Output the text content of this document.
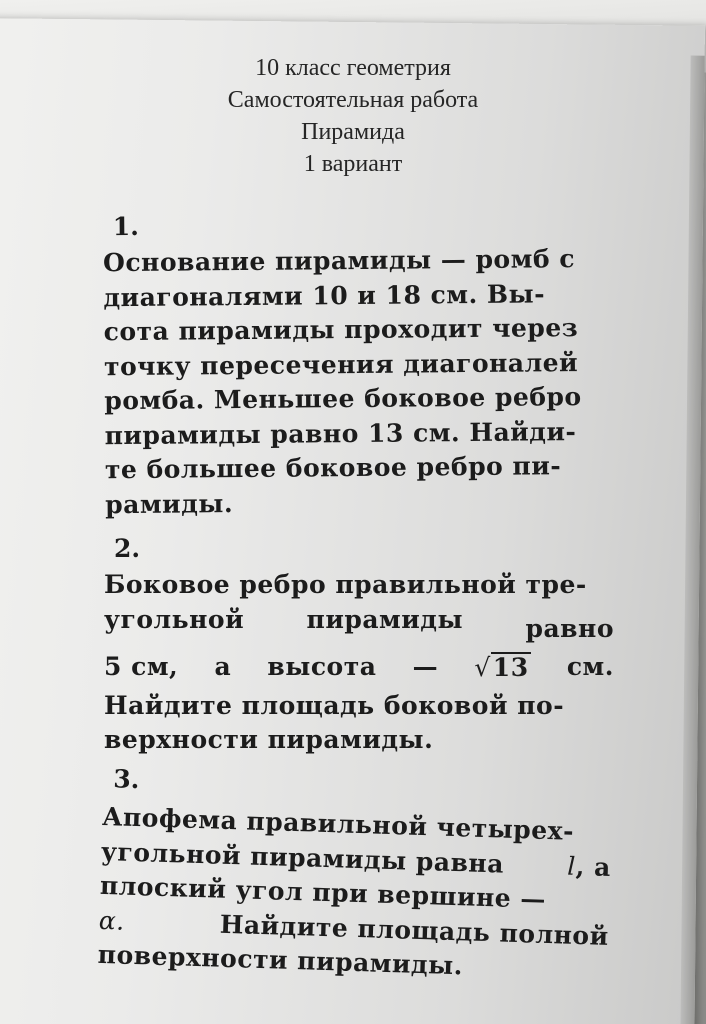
10 класс геометрия
Самостоятельная работа
Пирамида
1 вариант
1.
Основание пирамиды — ромб с
диагоналями 10 и 18 см. Вы-
сота пирамиды проходит через
точку пересечения диагоналей
ромба. Меньшее боковое ребро
пирамиды равно 13 см. Найди-
те большее боковое ребро пи-
рамиды.
2.
Боковое ребро правильной тре-
угольной пирамиды равно
5 см, а высота — √13 см.
Найдите площадь боковой по-
верхности пирамиды.
3.
Апофема правильной четырех-
угольной пирамиды равна l, а
плоский угол при вершине —
α.	Найдите площадь полной
поверхности пирамиды.
